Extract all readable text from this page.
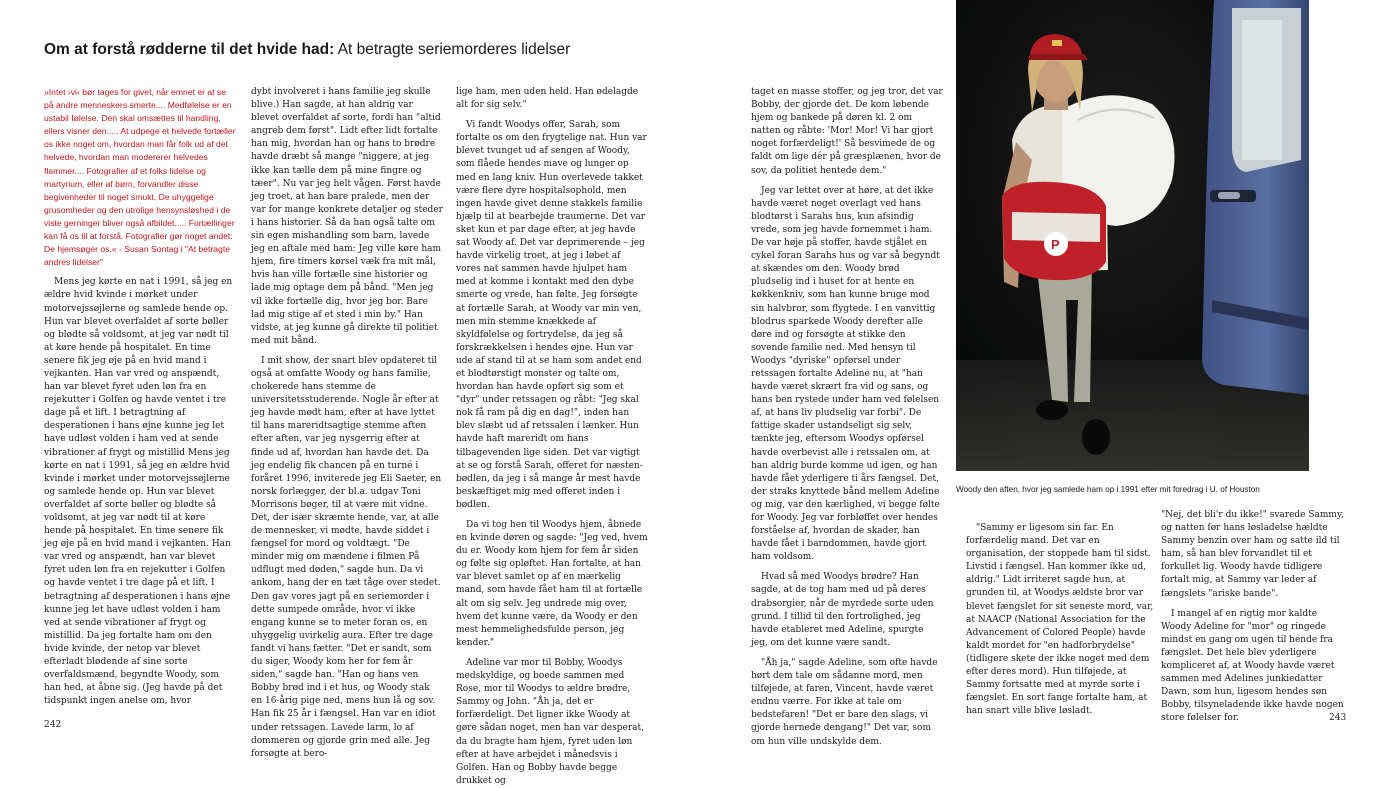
Om at forstå rødderne til det hvide had: At betragte seriemorderes lidelser

»Intet ›vi‹ bør tages for givet, når emnet er at se på andre menneskers smerte.... Medfølelse er en ustabil følelse. Den skal omsættes til handling, ellers visner den..... At udpege et helvede fortæller os ikke noget om, hvordan man får folk ud af det helvede, hvordan man modererer helvedes flammer.... Fotografier af et folks lidelse og martyrium, eller af børn, forvandler disse begivenheder til noget smukt. De uhyggelige grusomheder og den utrolige hensynsløshed i de viste gerninger bliver også afbildet..... Fortællinger kan få os til at forstå. Fotografier gør noget andet: De hjemsøger os.« - Susan Sontag i "At betragte andres lidelser"

Mens jeg kørte en nat i 1991, så jeg en ældre hvid kvinde i mørket under motorvejssøjlerne og samlede hende op. Hun var blevet overfaldet af sorte bøller og blødte så voldsomt, at jeg var nødt til at køre hende på hospitalet. En time senere fik jeg øje på en hvid mand i vejkanten. Han var vred og anspændt, han var blevet fyret uden løn fra en rejekutter i Golfen og havde ventet i tre dage på et lift. I betragtning af desperationen i hans øjne kunne jeg let have udløst volden i ham ved at sende vibrationer af frygt og mistillid Mens jeg kørte en nat i 1991, så jeg en ældre hvid kvinde i mørket under motorvejssøjlerne og samlede hende op. Hun var blevet overfaldet af sorte bøller og blødte så voldsomt, at jeg var nødt til at køre hende på hospitalet. En time senere fik jeg øje på en hvid mand i vejkanten. Han var vred og anspændt, han var blevet fyret uden løn fra en rejekutter i Golfen og havde ventet i tre dage på et lift. I betragtning af desperationen i hans øjne kunne jeg let have udløst volden i ham ved at sende vibrationer af frygt og mistillid. Da jeg fortalte ham om den hvide kvinde, der netop var blevet efterladt blødende af sine sorte overfaldsmænd, begyndte Woody, som han hed, at åbne sig. (Jeg havde på det tidspunkt ingen anelse om, hvor

dybt involveret i hans familie jeg skulle blive.) Han sagde, at han aldrig var blevet overfaldet af sorte, fordi han "altid angreb dem først". Lidt efter lidt fortalte han mig, hvordan han og hans to brødre havde dræbt så mange "niggere, at jeg ikke kan tælle dem på mine fingre og tæer". Nu var jeg helt vågen. Først havde jeg troet, at han bare pralede, men der var for mange konkrete detaljer og steder i hans historier. Så da han også talte om sin egen mishandling som barn, lavede jeg en aftale med ham: Jeg ville køre ham hjem, fire timers kørsel væk fra mit mål, hvis han ville fortælle sine historier og lade mig optage dem på bånd. "Men jeg vil ikke fortælle dig, hvor jeg bor. Bare lad mig stige af et sted i min by." Han vidste, at jeg kunne gå direkte til politiet med mit bånd.

I mit show, der snart blev opdateret til også at omfatte Woody og hans familie, chokerede hans stemme de universitetsstuderende. Nogle år efter at jeg havde mødt ham, efter at have lyttet til hans mareridtsagtige stemme aften efter aften, var jeg nysgerrig efter at finde ud af, hvordan han havde det. Da jeg endelig fik chancen på en turné i foråret 1996, inviterede jeg Eli Saeter, en norsk forlægger, der bl.a. udgav Toni Morrisons bøger, til at være mit vidne. Det, der især skræmte hende, var, at alle de mennesker, vi mødte, havde siddet i fængsel for mord og voldtægt. "De minder mig om mændene i filmen På udflugt med døden," sagde hun. Da vi ankom, hang der en tæt tåge over stedet. Den gav vores jagt på en seriemorder i dette sumpede område, hvor vi ikke engang kunne se to meter foran os, en uhyggelig uvirkelig aura. Efter tre dage fandt vi hans fætter. "Det er sandt, som du siger, Woody kom her for fem år siden," sagde han. "Han og hans ven Bobby brød ind i et hus, og Woody stak en 16-årig pige ned, mens hun lå og sov. Han fik 25 år i fængsel. Han var en idiot under retssagen. Lavede larm, lo af dommeren og gjorde grin med alle. Jeg forsøgte at bero-

lige ham, men uden held. Han ødelagde alt for sig selv."

Vi fandt Woodys offer, Sarah, som fortalte os om den frygtelige nat. Hun var blevet tvunget ud af sengen af Woody, som flåede hendes mave og lunger op med en lang kniv. Hun overlevede takket være flere dyre hospitalsophold, men ingen havde givet denne stakkels familie hjælp til at bearbejde traumerne. Det var sket kun et par dage efter, at jeg havde sat Woody af. Det var deprimerende – jeg havde virkelig troet, at jeg i løbet af vores nat sammen havde hjulpet ham med at komme i kontakt med den dybe smerte og vrede, han følte. Jeg forsøgte at fortælle Sarah, at Woody var min ven, men min stemme knækkede af skyldfølelse og fortrydelse, da jeg så forskrækkelsen i hendes øjne. Hun var ude af stand til at se ham som andet end et blodtørstigt monster og talte om, hvordan han havde opført sig som et "dyr" under retssagen og råbt: "Jeg skal nok få ram på dig en dag!", inden han blev slæbt ud af retssalen i lænker. Hun havde haft mareridt om hans tilbagevenden lige siden. Det var vigtigt at se og forstå Sarah, offeret for næsten-bødlen, da jeg i så mange år mest havde beskæftiget mig med offeret inden i bødlen.

Da vi tog hen til Woodys hjem, åbnede en kvinde døren og sagde: "Jeg ved, hvem du er. Woody kom hjem for fem år siden og følte sig opløftet. Han fortalte, at han var blevet samlet op af en mærkelig mand, som havde fået ham til at fortælle alt om sig selv. Jeg undrede mig over, hvem det kunne være, da Woody er den mest hemmelighedsfulde person, jeg kender."

Adeline var mor til Bobby, Woodys medskyldige, og boede sammen med Rose, mor til Woodys to ældre brødre, Sammy og John. "Åh ja, det er forfærdeligt. Det ligner ikke Woody at gøre sådan noget, men han var desperat, da du bragte ham hjem, fyret uden løn efter at have arbejdet i månedsvis i Golfen. Han og Bobby havde begge drukket og

242

taget en masse stoffer, og jeg tror, det var Bobby, der gjorde det. De kom løbende hjem og bankede på døren kl. 2 om natten og råbte: 'Mor! Mor! Vi har gjort noget forfærdeligt!' Så besvimede de og faldt om lige dér på græsplænen, hvor de sov, da politiet hentede dem."

Jeg var lettet over at høre, at det ikke havde været noget overlagt ved hans blodtørst i Sarahs hus, kun afsindig vrede, som jeg havde fornemmet i ham. De var høje på stoffer, havde stjålet en cykel foran Sarahs hus og var så begyndt at skændes om den. Woody brød pludselig ind i huset for at hente en køkkenkniv, som han kunne bruge mod sin halvbror, som flygtede. I en vanvittig blodrus sparkede Woody derefter alle døre ind og forsøgte at stikke den sovende familie ned. Med hensyn til Woodys "dyriske" opførsel under retssagen fortalte Adeline nu, at "han havde været skrært fra vid og sans, og hans ben rystede under ham ved følelsen af, at hans liv pludselig var forbi". De fattige skader ustandseligt sig selv, tænkte jeg, eftersom Woodys opførsel havde overbevist alle i retssalen om, at han aldrig burde komme ud igen, og han havde fået yderligere ti års fængsel. Det, der straks knyttede bånd mellem Adeline og mig, var den kærlighed, vi begge følte for Woody. Jeg var forbløffet over hendes forståelse af, hvordan de skader, han havde fået i barndommen, havde gjort ham voldsom.

Hvad så med Woodys brødre? Han sagde, at de tog ham med ud på deres drabsorgier, når de myrdede sorte uden grund. I tillid til den fortrolighed, jeg havde etableret med Adeline, spurgte jeg, om det kunne være sandt.

"Åh ja," sagde Adeline, som ofte havde hørt dem tale om sådanne mord, men tilføjede, at faren, Vincent, havde været endnu værre. For ikke at tale om bedstefaren! "Det er bare den slags, vi gjorde hernede dengang!" Det var, som om hun ville undskylde dem.

P
Woody den aften, hvor jeg samlede ham op i 1991 efter mit foredrag i U. of Houston

"Sammy er ligesom sin far. En forfærdelig mand. Det var en organisation, der stoppede ham til sidst. Livstid i fængsel. Han kommer ikke ud, aldrig." Lidt irriteret sagde hun, at grunden til, at Woodys ældste bror var blevet fængslet for sit seneste mord, var, at NAACP (National Association for the Advancement of Colored People) havde kaldt mordet for "en hadforbrydelse" (tidligere skete der ikke noget med dem efter deres mord). Hun tilføjede, at Sammy fortsatte med at myrde sorte i fængslet. En sort fange fortalte ham, at han snart ville blive løsladt.

"Nej, det bli'r du ikke!" svarede Sammy, og natten før hans løsladelse hældte Sammy benzin over ham og satte ild til ham, så han blev forvandlet til et forkullet lig. Woody havde tidligere fortalt mig, at Sammy var leder af fængslets "ariske bande".

I mangel af en rigtig mor kaldte Woody Adeline for "mor" og ringede mindst en gang om ugen til hende fra fængslet. Det hele blev yderligere kompliceret af, at Woody havde været sammen med Adelines junkiedatter Dawn, som hun, ligesom hendes søn Bobby, tilsyneladende ikke havde nogen store følelser for.	243
